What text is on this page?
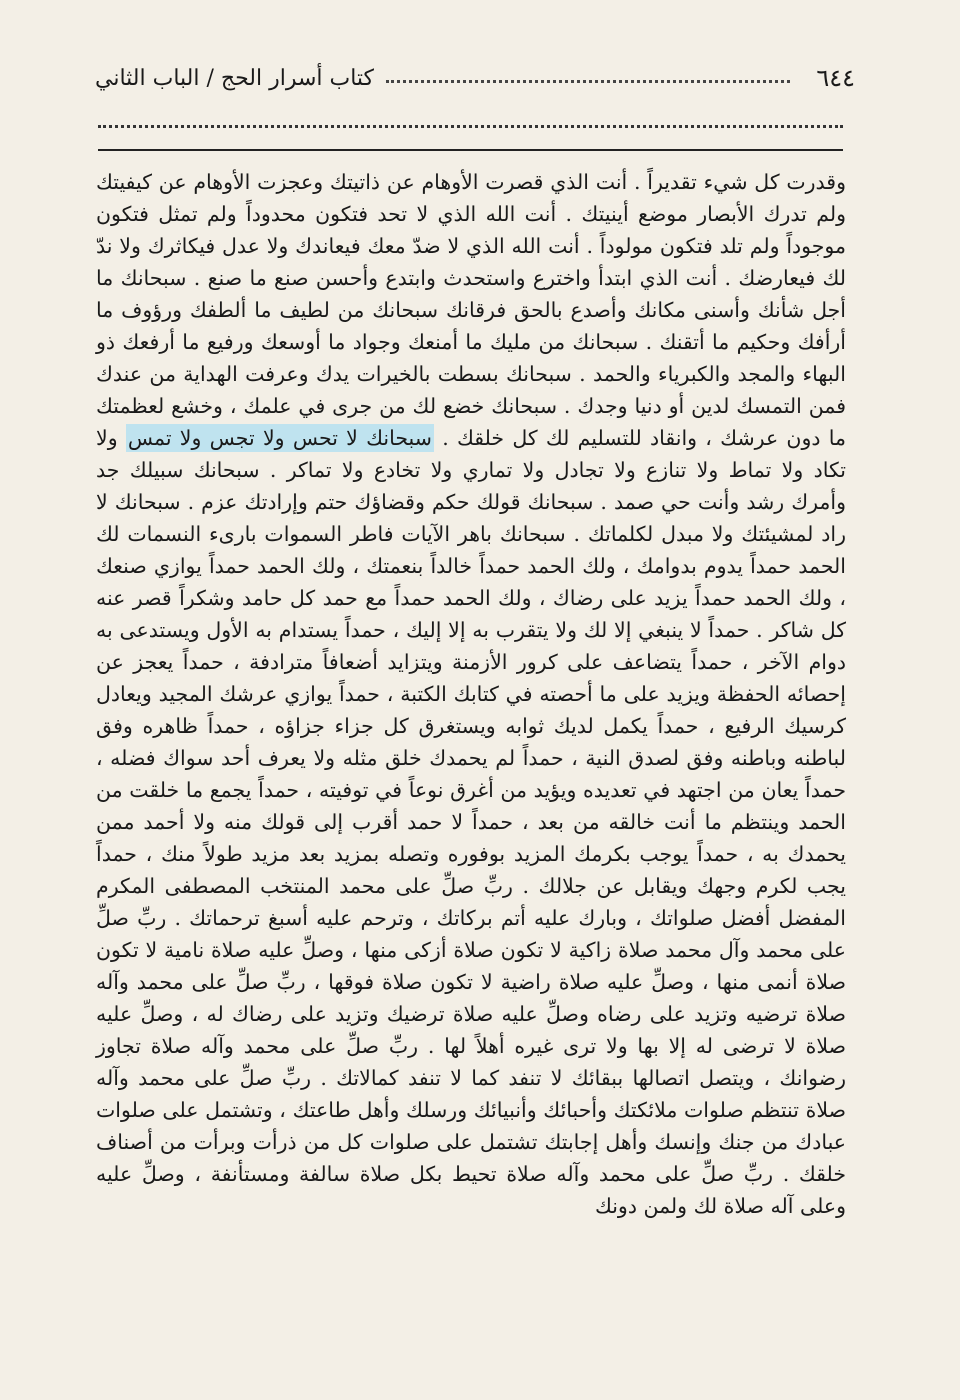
٦٤٤
كتاب أسرار الحج / الباب الثاني

وقدرت كل شيء تقديراً . أنت الذي قصرت الأوهام عن ذاتيتك وعجزت الأوهام عن كيفيتك ولم تدرك الأبصار موضع أينيتك . أنت الله الذي لا تحد فتكون محدوداً ولم تمثل فتكون موجوداً ولم تلد فتكون مولوداً . أنت الله الذي لا ضدّ معك فيعاندك ولا عدل فيكاثرك ولا ندّ لك فيعارضك . أنت الذي ابتدأ واخترع واستحدث وابتدع وأحسن صنع ما صنع . سبحانك ما أجل شأنك وأسنى مكانك وأصدع بالحق فرقانك سبحانك من لطيف ما ألطفك ورؤوف ما أرأفك وحكيم ما أتقنك . سبحانك من مليك ما أمنعك وجواد ما أوسعك ورفيع ما أرفعك ذو البهاء والمجد والكبرياء والحمد . سبحانك بسطت بالخيرات يدك وعرفت الهداية من عندك فمن التمسك لدين أو دنيا وجدك . سبحانك خضع لك من جرى في علمك ، وخشع لعظمتك ما دون عرشك ، وانقاد للتسليم لك كل خلقك . سبحانك لا تحس ولا تجس ولا تمس ولا تكاد ولا تماط ولا تنازع ولا تجادل ولا تماري ولا تخادع ولا تماكر . سبحانك سبيلك جد وأمرك رشد وأنت حي صمد . سبحانك قولك حكم وقضاؤك حتم وإرادتك عزم . سبحانك لا راد لمشيئتك ولا مبدل لكلماتك . سبحانك باهر الآيات فاطر السموات بارىء النسمات لك الحمد حمداً يدوم بدوامك ، ولك الحمد حمداً خالداً بنعمتك ، ولك الحمد حمداً يوازي صنعك ، ولك الحمد حمداً يزيد على رضاك ، ولك الحمد حمداً مع حمد كل حامد وشكراً قصر عنه كل شاكر . حمداً لا ينبغي إلا لك ولا يتقرب به إلا إليك ، حمداً يستدام به الأول ويستدعى به دوام الآخر ، حمداً يتضاعف على كرور الأزمنة ويتزايد أضعافاً مترادفة ، حمداً يعجز عن إحصائه الحفظة ويزيد على ما أحصته في كتابك الكتبة ، حمداً يوازي عرشك المجيد ويعادل كرسيك الرفيع ، حمداً يكمل لديك ثوابه ويستغرق كل جزاء جزاؤه ، حمداً ظاهره وفق لباطنه وباطنه وفق لصدق النية ، حمداً لم يحمدك خلق مثله ولا يعرف أحد سواك فضله ، حمداً يعان من اجتهد في تعديده ويؤيد من أغرق نوعاً في توفيته ، حمداً يجمع ما خلقت من الحمد وينتظم ما أنت خالقه من بعد ، حمداً لا حمد أقرب إلى قولك منه ولا أحمد ممن يحمدك به ، حمداً يوجب بكرمك المزيد بوفوره وتصله بمزيد بعد مزيد طولاً منك ، حمداً يجب لكرم وجهك ويقابل عن جلالك . ربِّ صلِّ على محمد المنتخب المصطفى المكرم المفضل أفضل صلواتك ، وبارك عليه أتم بركاتك ، وترحم عليه أسبغ ترحماتك . ربِّ صلِّ على محمد وآل محمد صلاة زاكية لا تكون صلاة أزكى منها ، وصلِّ عليه صلاة نامية لا تكون صلاة أنمى منها ، وصلِّ عليه صلاة راضية لا تكون صلاة فوقها ، ربِّ صلِّ على محمد وآله صلاة ترضيه وتزيد على رضاه وصلِّ عليه صلاة ترضيك وتزيد على رضاك له ، وصلِّ عليه صلاة لا ترضى له إلا بها ولا ترى غيره أهلاً لها . ربِّ صلِّ على محمد وآله صلاة تجاوز رضوانك ، ويتصل اتصالها ببقائك لا تنفد كما لا تنفد كمالاتك . ربِّ صلِّ على محمد وآله صلاة تنتظم صلوات ملائكتك وأحبائك وأنبيائك ورسلك وأهل طاعتك ، وتشتمل على صلوات عبادك من جنك وإنسك وأهل إجابتك تشتمل على صلوات كل من ذرأت وبرأت من أصناف خلقك . ربِّ صلِّ على محمد وآله صلاة تحيط بكل صلاة سالفة ومستأنفة ، وصلِّ عليه وعلى آله صلاة لك ولمن دونك
